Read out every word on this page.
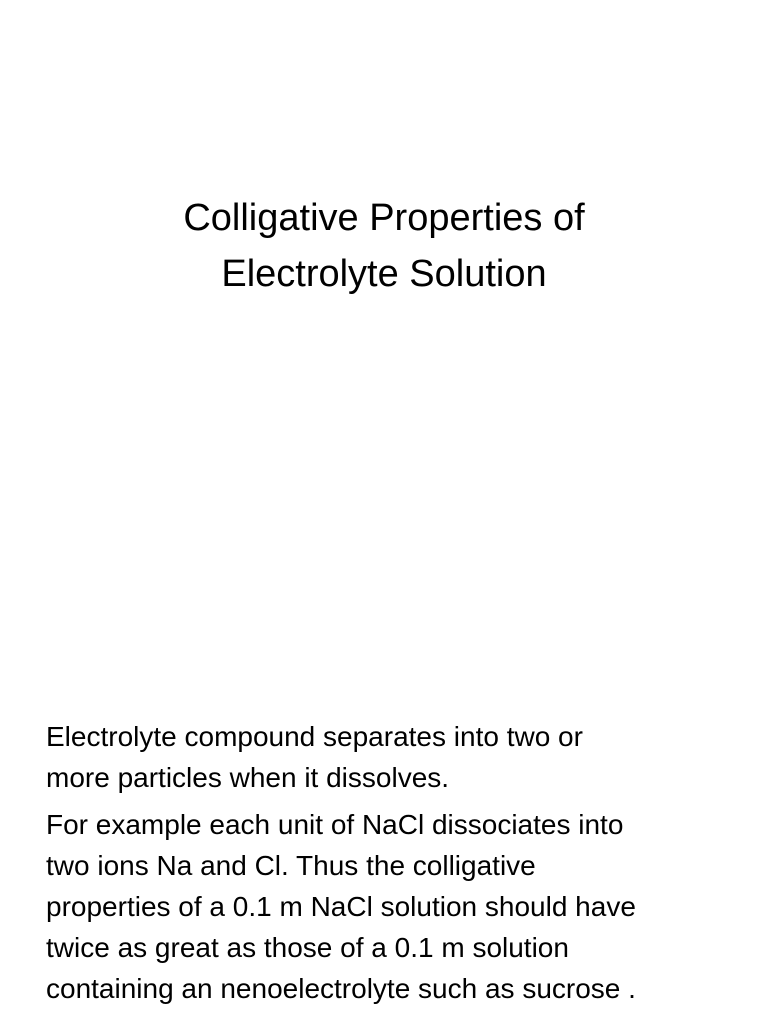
Colligative Properties of
Electrolyte Solution

Electrolyte compound separates into two or
more particles when it dissolves.

For example each unit of NaCl dissociates into
two ions Na and Cl. Thus the colligative
properties of a 0.1 m NaCl solution should have
twice as great as those of a 0.1 m solution
containing an nenoelectrolyte such as sucrose .
